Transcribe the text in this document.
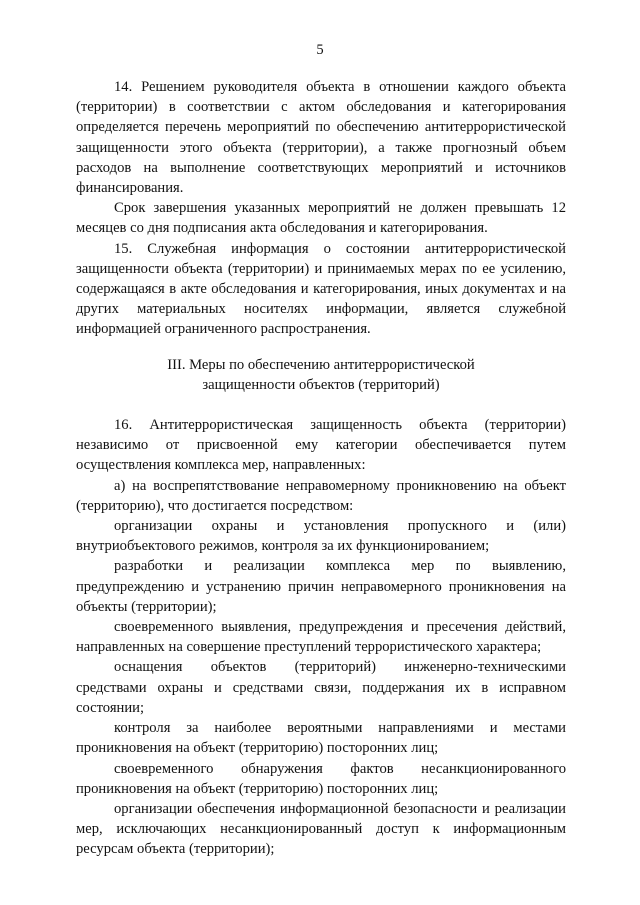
5

14. Решением руководителя объекта в отношении каждого объекта (территории) в соответствии с актом обследования и категорирования определяется перечень мероприятий по обеспечению антитеррористической защищенности этого объекта (территории), а также прогнозный объем расходов на выполнение соответствующих мероприятий и источников финансирования.

Срок завершения указанных мероприятий не должен превышать 12 месяцев со дня подписания акта обследования и категорирования.

15. Служебная информация о состоянии антитеррористической защищенности объекта (территории) и принимаемых мерах по ее усилению, содержащаяся в акте обследования и категорирования, иных документах и на других материальных носителях информации, является служебной информацией ограниченного распространения.

III. Меры по обеспечению антитеррористической
защищенности объектов (территорий)

16. Антитеррористическая защищенность объекта (территории) независимо от присвоенной ему категории обеспечивается путем осуществления комплекса мер, направленных:

а) на воспрепятствование неправомерному проникновению на объект (территорию), что достигается посредством:

организации охраны и установления пропускного и (или) внутриобъектового режимов, контроля за их функционированием;

разработки и реализации комплекса мер по выявлению, предупреждению и устранению причин неправомерного проникновения на объекты (территории);

своевременного выявления, предупреждения и пресечения действий, направленных на совершение преступлений террористического характера;

оснащения объектов (территорий) инженерно-техническими средствами охраны и средствами связи, поддержания их в исправном состоянии;

контроля за наиболее вероятными направлениями и местами проникновения на объект (территорию) посторонних лиц;

своевременного обнаружения фактов несанкционированного проникновения на объект (территорию) посторонних лиц;

организации обеспечения информационной безопасности и реализации мер, исключающих несанкционированный доступ к информационным ресурсам объекта (территории);
